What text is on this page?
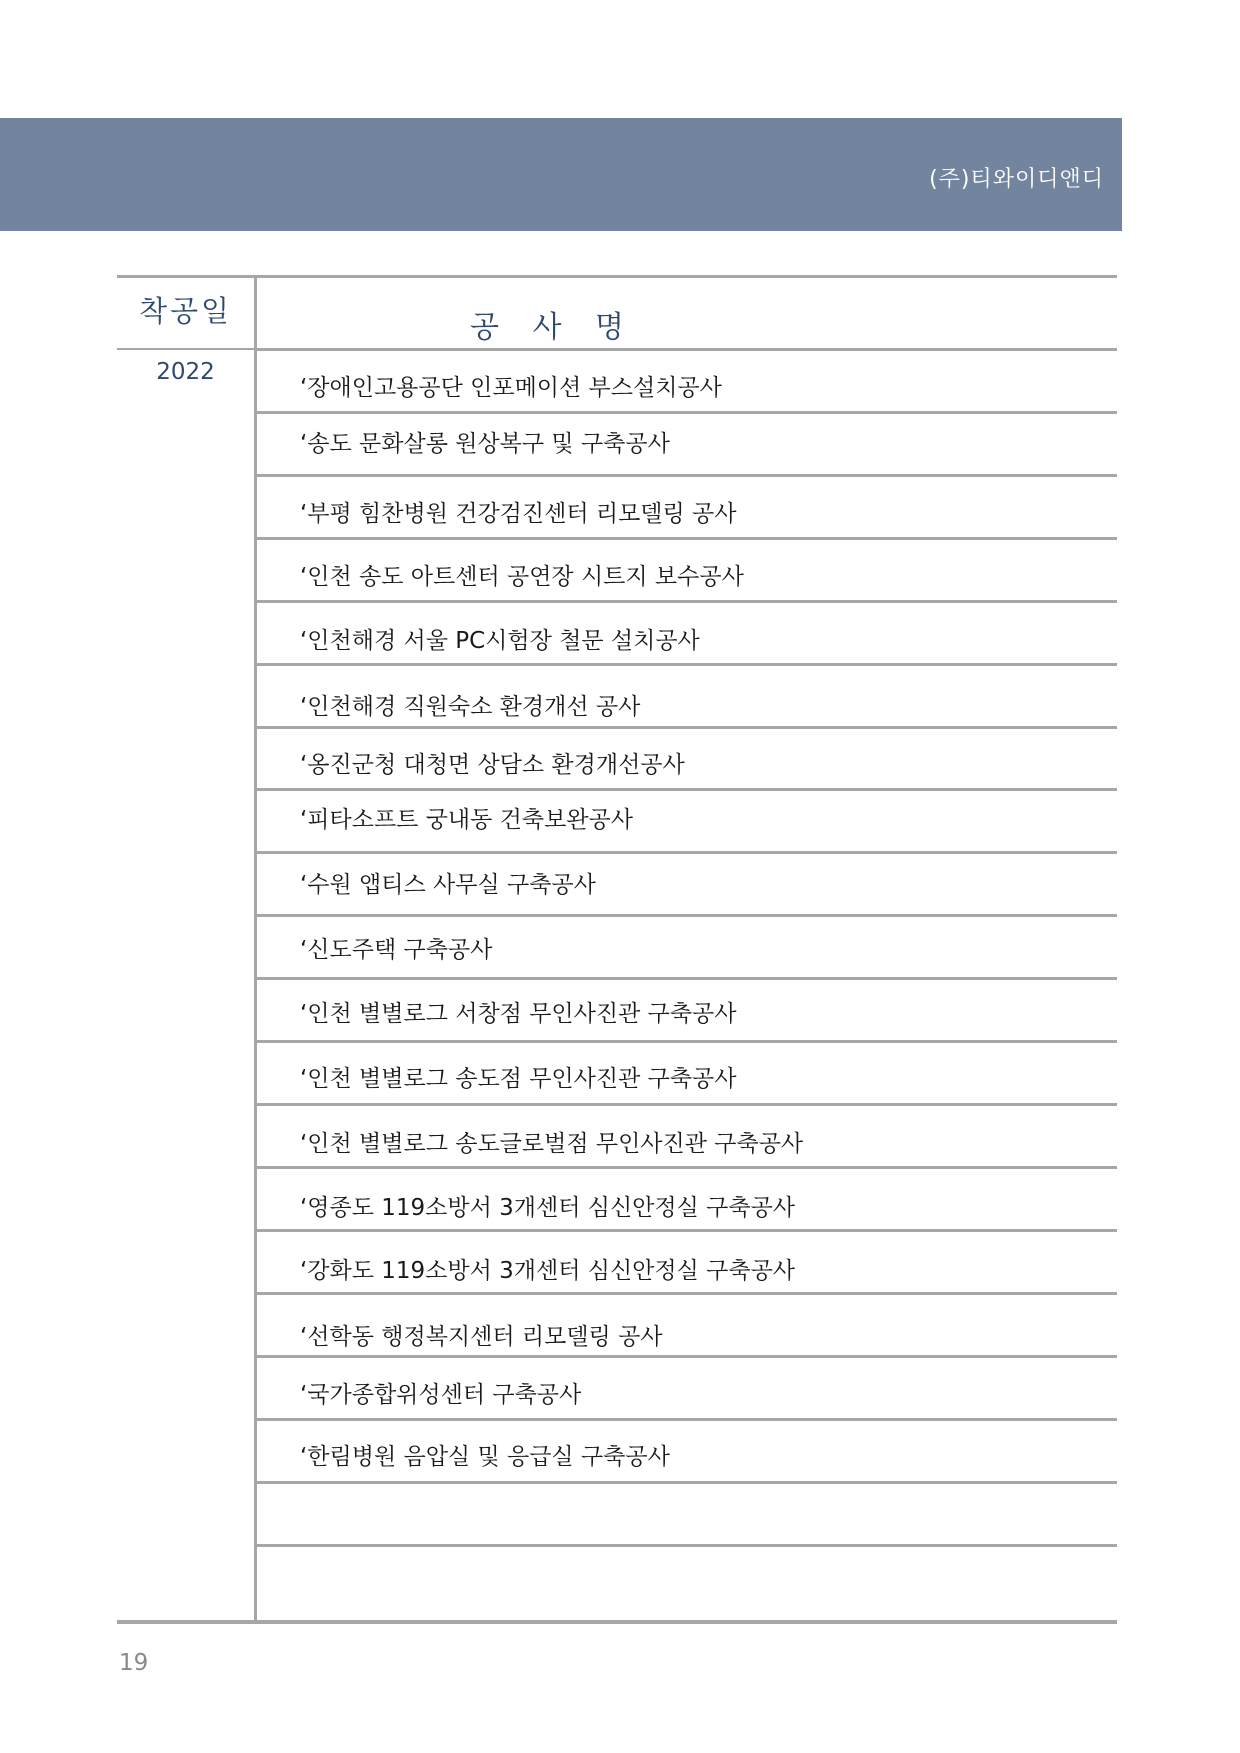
(주)티와이디앤디
착공일	공 사 명
2022
‘장애인고용공단 인포메이션 부스설치공사
‘송도 문화살롱 원상복구 및 구축공사
‘부평 힘찬병원 건강검진센터 리모델링 공사
‘인천 송도 아트센터 공연장 시트지 보수공사
‘인천해경 서울 PC시험장 철문 설치공사
‘인천해경 직원숙소 환경개선 공사
‘옹진군청 대청면 상담소 환경개선공사
‘피타소프트 궁내동 건축보완공사
‘수원 앱티스 사무실 구축공사
‘신도주택 구축공사
‘인천 별별로그 서창점 무인사진관 구축공사
‘인천 별별로그 송도점 무인사진관 구축공사
‘인천 별별로그 송도글로벌점 무인사진관 구축공사
‘영종도 119소방서 3개센터 심신안정실 구축공사
‘강화도 119소방서 3개센터 심신안정실 구축공사
‘선학동 행정복지센터 리모델링 공사
‘국가종합위성센터 구축공사
‘한림병원 음압실 및 응급실 구축공사
19
